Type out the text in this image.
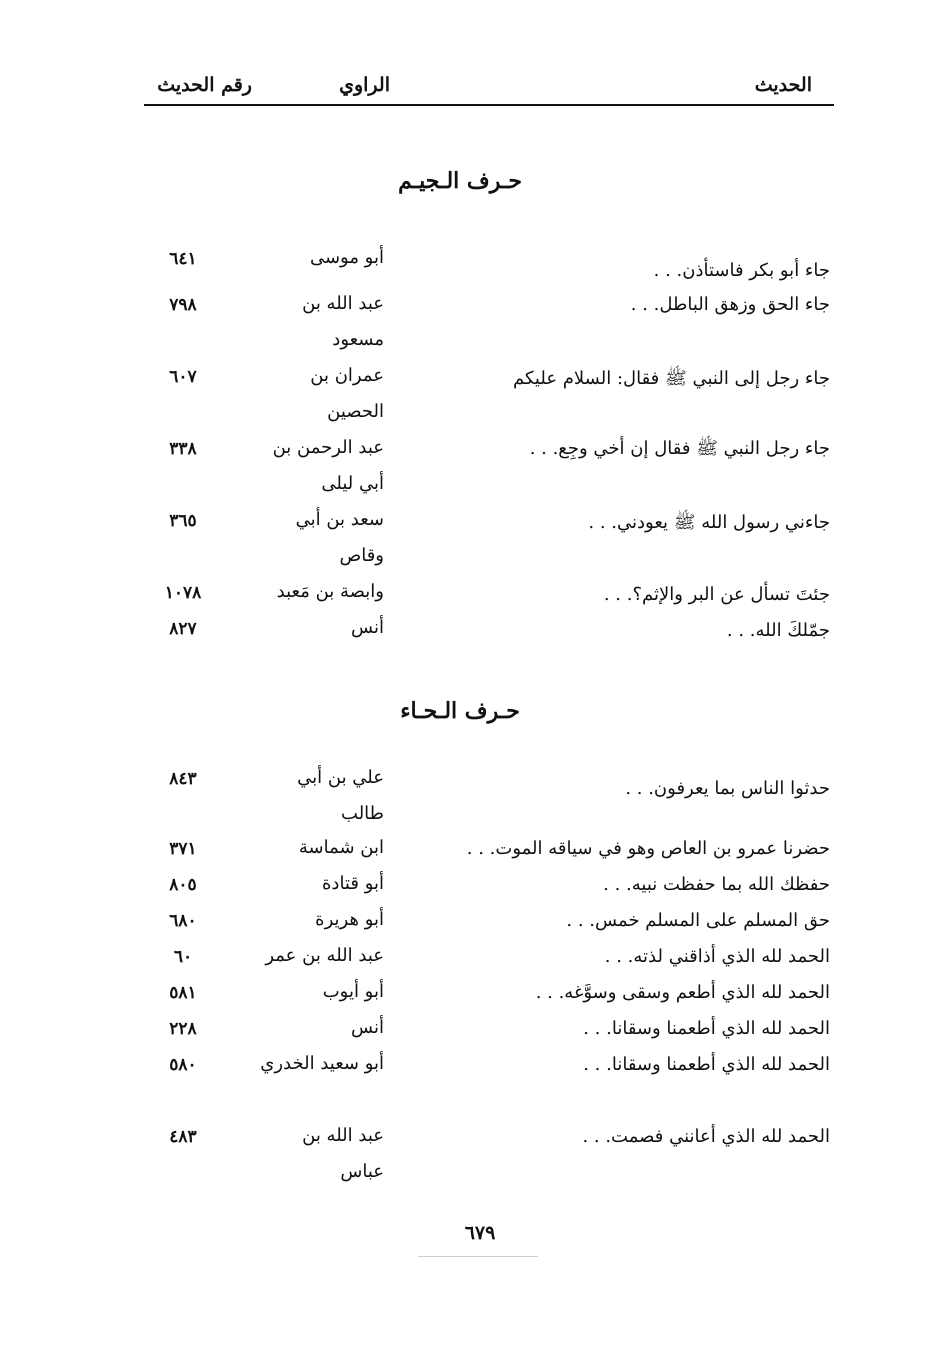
الحديث
الراوي
رقم الحديث
حـرف الـجيـم
جاء أبو بكر فاستأذن. . .
أبو موسى
٦٤١
جاء الحق وزهق الباطل. . .
عبد الله بن مسعود
٧٩٨
جاء رجل إلى النبي ﷺ فقال: السلام عليكم
عمران بن الحصين
٦٠٧
جاء رجل النبي ﷺ فقال إن أخي وجِع. . .
عبد الرحمن بن أبي ليلى
٣٣٨
جاءني رسول الله ﷺ يعودني. . .
سعد بن أبي وقاص
٣٦٥
جئتَ تسأل عن البر والإثم؟. . .
وابصة بن مَعبد
١٠٧٨
جمّلكَ الله. . .
أنس
٨٢٧
حـرف الـحـاء
حدثوا الناس بما يعرفون. . .
علي بن أبي طالب
٨٤٣
حضرنا عمرو بن العاص وهو في سياقه الموت. . .
ابن شماسة
٣٧١
حفظك الله بما حفظت نبيه. . .
أبو قتادة
٨٠٥
حق المسلم على المسلم خمس. . .
أبو هريرة
٦٨٠
الحمد لله الذي أذاقني لذته. . .
عبد الله بن عمر
٦٠
الحمد لله الذي أطعم وسقى وسوَّغه. . .
أبو أيوب
٥٨١
الحمد لله الذي أطعمنا وسقانا. . .
أنس
٢٢٨
الحمد لله الذي أطعمنا وسقانا. . .
أبو سعيد الخدري
٥٨٠
الحمد لله الذي أعانني فصمت. . .
عبد الله بن عباس
٤٨٣
٦٧٩
